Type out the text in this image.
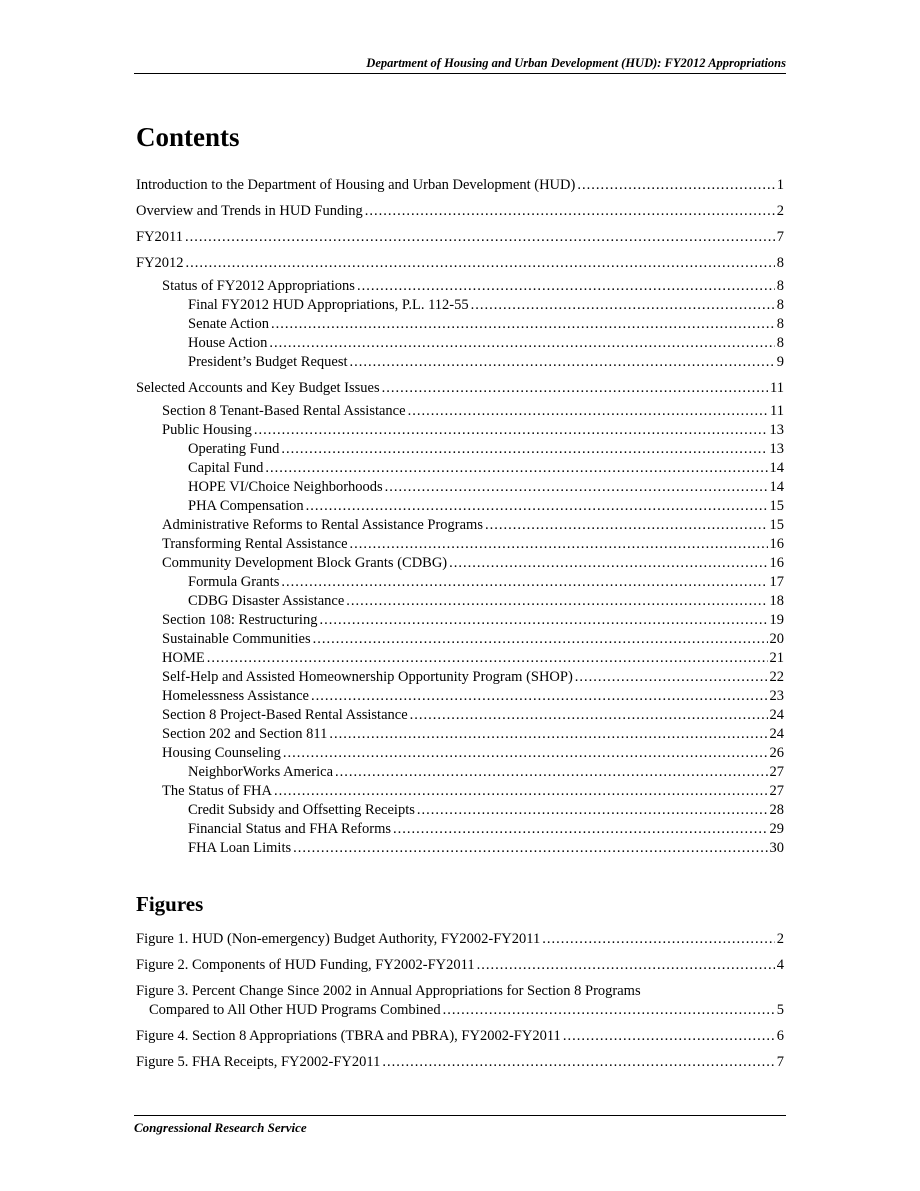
Department of Housing and Urban Development (HUD): FY2012 Appropriations
Contents
Introduction to the Department of Housing and Urban Development (HUD) .....	1
Overview and Trends in HUD Funding .....	2
FY2011 .....	7
FY2012 .....	8
Status of FY2012 Appropriations .....	8
Final FY2012 HUD Appropriations, P.L. 112-55 .....	8
Senate Action .....	8
House Action .....	8
President’s Budget Request .....	9
Selected Accounts and Key Budget Issues .....	11
Section 8 Tenant-Based Rental Assistance .....	11
Public Housing .....	13
Operating Fund .....	13
Capital Fund .....	14
HOPE VI/Choice Neighborhoods .....	14
PHA Compensation .....	15
Administrative Reforms to Rental Assistance Programs .....	15
Transforming Rental Assistance .....	16
Community Development Block Grants (CDBG) .....	16
Formula Grants .....	17
CDBG Disaster Assistance .....	18
Section 108: Restructuring .....	19
Sustainable Communities .....	20
HOME .....	21
Self-Help and Assisted Homeownership Opportunity Program (SHOP) .....	22
Homelessness Assistance .....	23
Section 8 Project-Based Rental Assistance .....	24
Section 202 and Section 811 .....	24
Housing Counseling .....	26
NeighborWorks America .....	27
The Status of FHA .....	27
Credit Subsidy and Offsetting Receipts .....	28
Financial Status and FHA Reforms .....	29
FHA Loan Limits .....	30
Figures
Figure 1. HUD (Non-emergency) Budget Authority, FY2002-FY2011 .....	2
Figure 2. Components of HUD Funding, FY2002-FY2011 .....	4
Figure 3. Percent Change Since 2002 in Annual Appropriations for Section 8 Programs
Compared to All Other HUD Programs Combined .....	5
Figure 4. Section 8 Appropriations (TBRA and PBRA), FY2002-FY2011 .....	6
Figure 5. FHA Receipts, FY2002-FY2011 .....	7
Congressional Research Service
